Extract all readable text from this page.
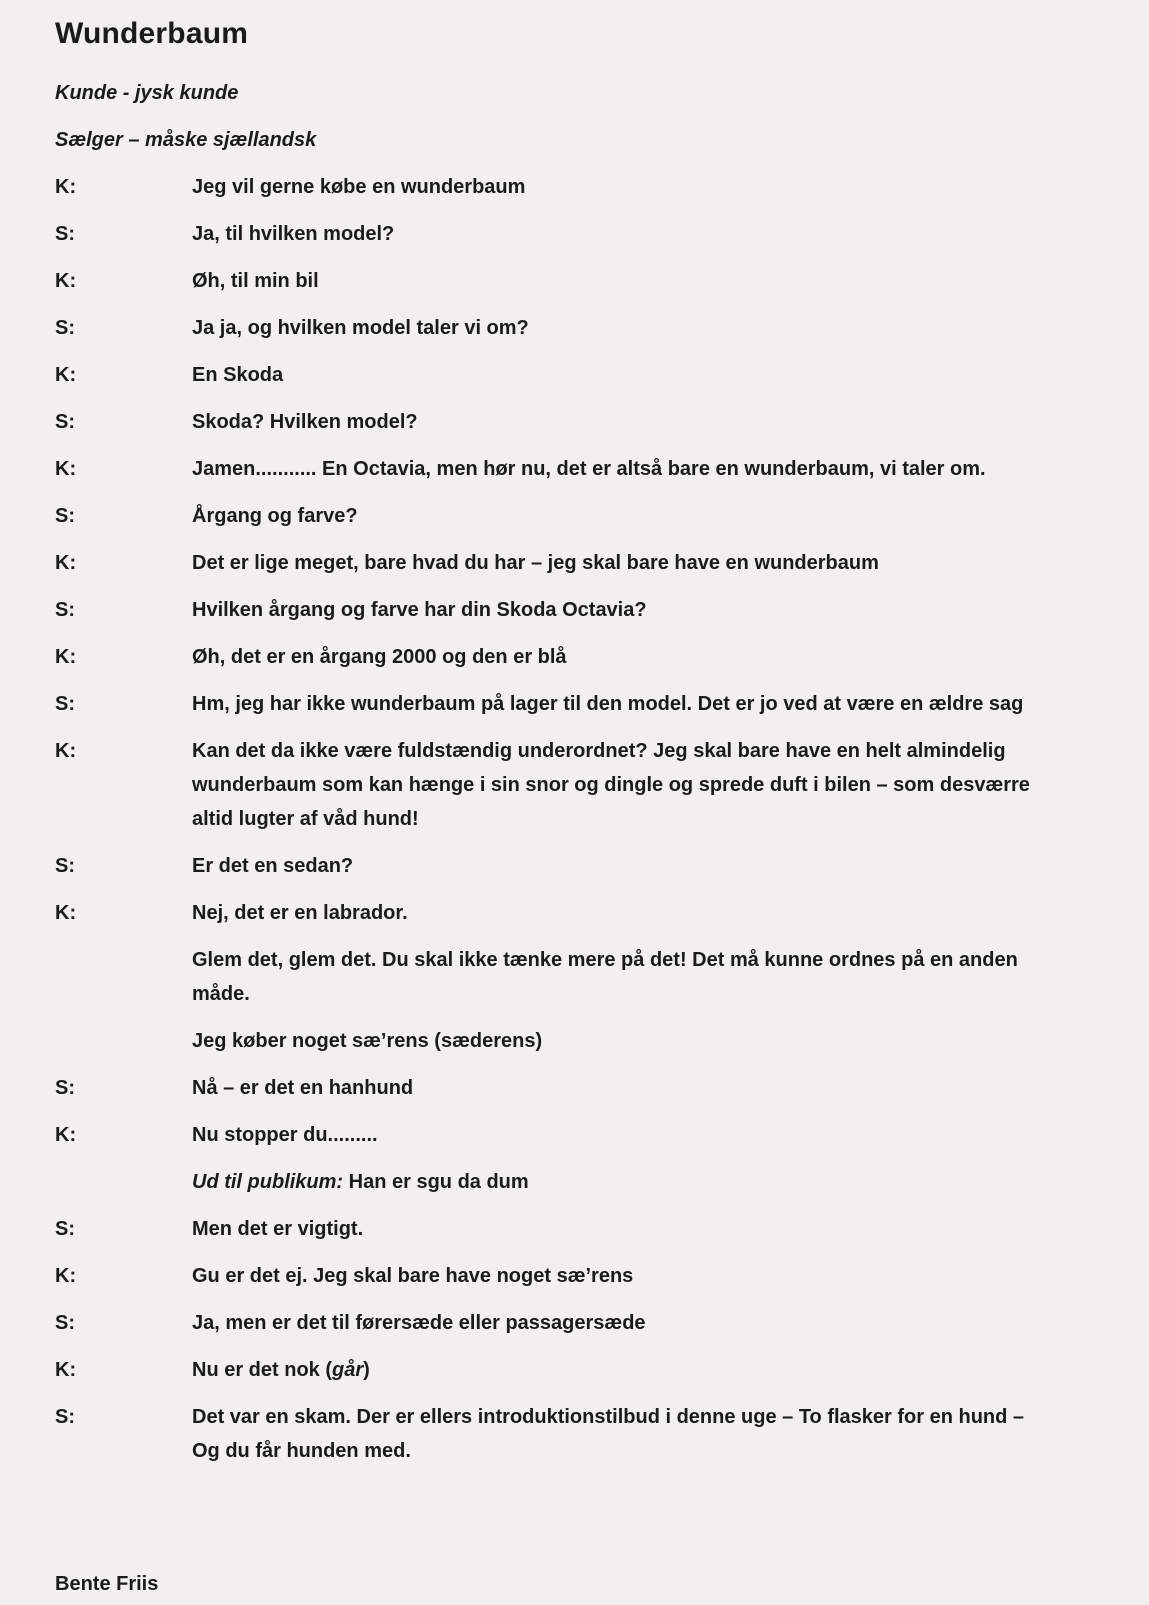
Wunderbaum

Kunde - jysk kunde

Sælger – måske sjællandsk

K:	Jeg vil gerne købe en wunderbaum

S:	Ja, til hvilken model?

K:	Øh, til min bil

S:	Ja ja, og hvilken model taler vi om?

K:	En Skoda

S:	Skoda? Hvilken model?

K:	Jamen........... En Octavia, men hør nu, det er altså bare en wunderbaum, vi taler om.

S:	Årgang og farve?

K:	Det er lige meget, bare hvad du har – jeg skal bare have en wunderbaum

S:	Hvilken årgang og farve har din Skoda Octavia?

K:	Øh, det er en årgang 2000 og den er blå

S:	Hm, jeg har ikke wunderbaum på lager til den model. Det er jo ved at være en ældre sag

K:	Kan det da ikke være fuldstændig underordnet? Jeg skal bare have en helt almindelig wunderbaum som kan hænge i sin snor og dingle og sprede duft i bilen – som desværre altid lugter af våd hund!

S:	Er det en sedan?

K:	Nej, det er en labrador.

Glem det, glem det. Du skal ikke tænke mere på det! Det må kunne ordnes på en anden måde.

Jeg køber noget sæ’rens (sæderens)

S:	Nå – er det en hanhund

K:	Nu stopper du.........

Ud til publikum: Han er sgu da dum

S:	Men det er vigtigt.

K:	Gu er det ej. Jeg skal bare have noget sæ’rens

S:	Ja, men er det til førersæde eller passagersæde

K:	Nu er det nok (går)

S:	Det var en skam. Der er ellers introduktionstilbud i denne uge – To flasker for en hund – Og du får hunden med.

Bente Friis
